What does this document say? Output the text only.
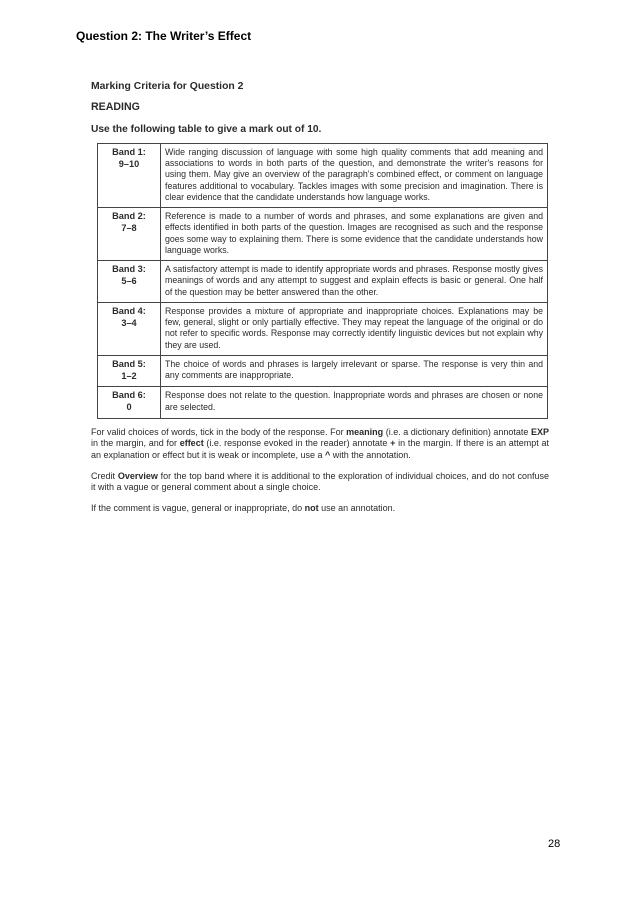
Question 2: The Writer’s Effect
Marking Criteria for Question 2
READING
Use the following table to give a mark out of 10.
Band 1:
9–10	Wide ranging discussion of language with some high quality comments that add meaning and associations to words in both parts of the question, and demonstrate the writer's reasons for using them. May give an overview of the paragraph's combined effect, or comment on language features additional to vocabulary. Tackles images with some precision and imagination. There is clear evidence that the candidate understands how language works.

Band 2:
7–8	Reference is made to a number of words and phrases, and some explanations are given and effects identified in both parts of the question. Images are recognised as such and the response goes some way to explaining them. There is some evidence that the candidate understands how language works.

Band 3:
5–6	A satisfactory attempt is made to identify appropriate words and phrases. Response mostly gives meanings of words and any attempt to suggest and explain effects is basic or general. One half of the question may be better answered than the other.

Band 4:
3–4	Response provides a mixture of appropriate and inappropriate choices. Explanations may be few, general, slight or only partially effective. They may repeat the language of the original or do not refer to specific words. Response may correctly identify linguistic devices but not explain why they are used.

Band 5:
1–2	The choice of words and phrases is largely irrelevant or sparse. The response is very thin and any comments are inappropriate.

Band 6:
0	Response does not relate to the question. Inappropriate words and phrases are chosen or none are selected.

For valid choices of words, tick in the body of the response. For meaning (i.e. a dictionary definition) annotate EXP in the margin, and for effect (i.e. response evoked in the reader) annotate + in the margin. If there is an attempt at an explanation or effect but it is weak or incomplete, use a ^ with the annotation.

Credit Overview for the top band where it is additional to the exploration of individual choices, and do not confuse it with a vague or general comment about a single choice.

If the comment is vague, general or inappropriate, do not use an annotation.

28
